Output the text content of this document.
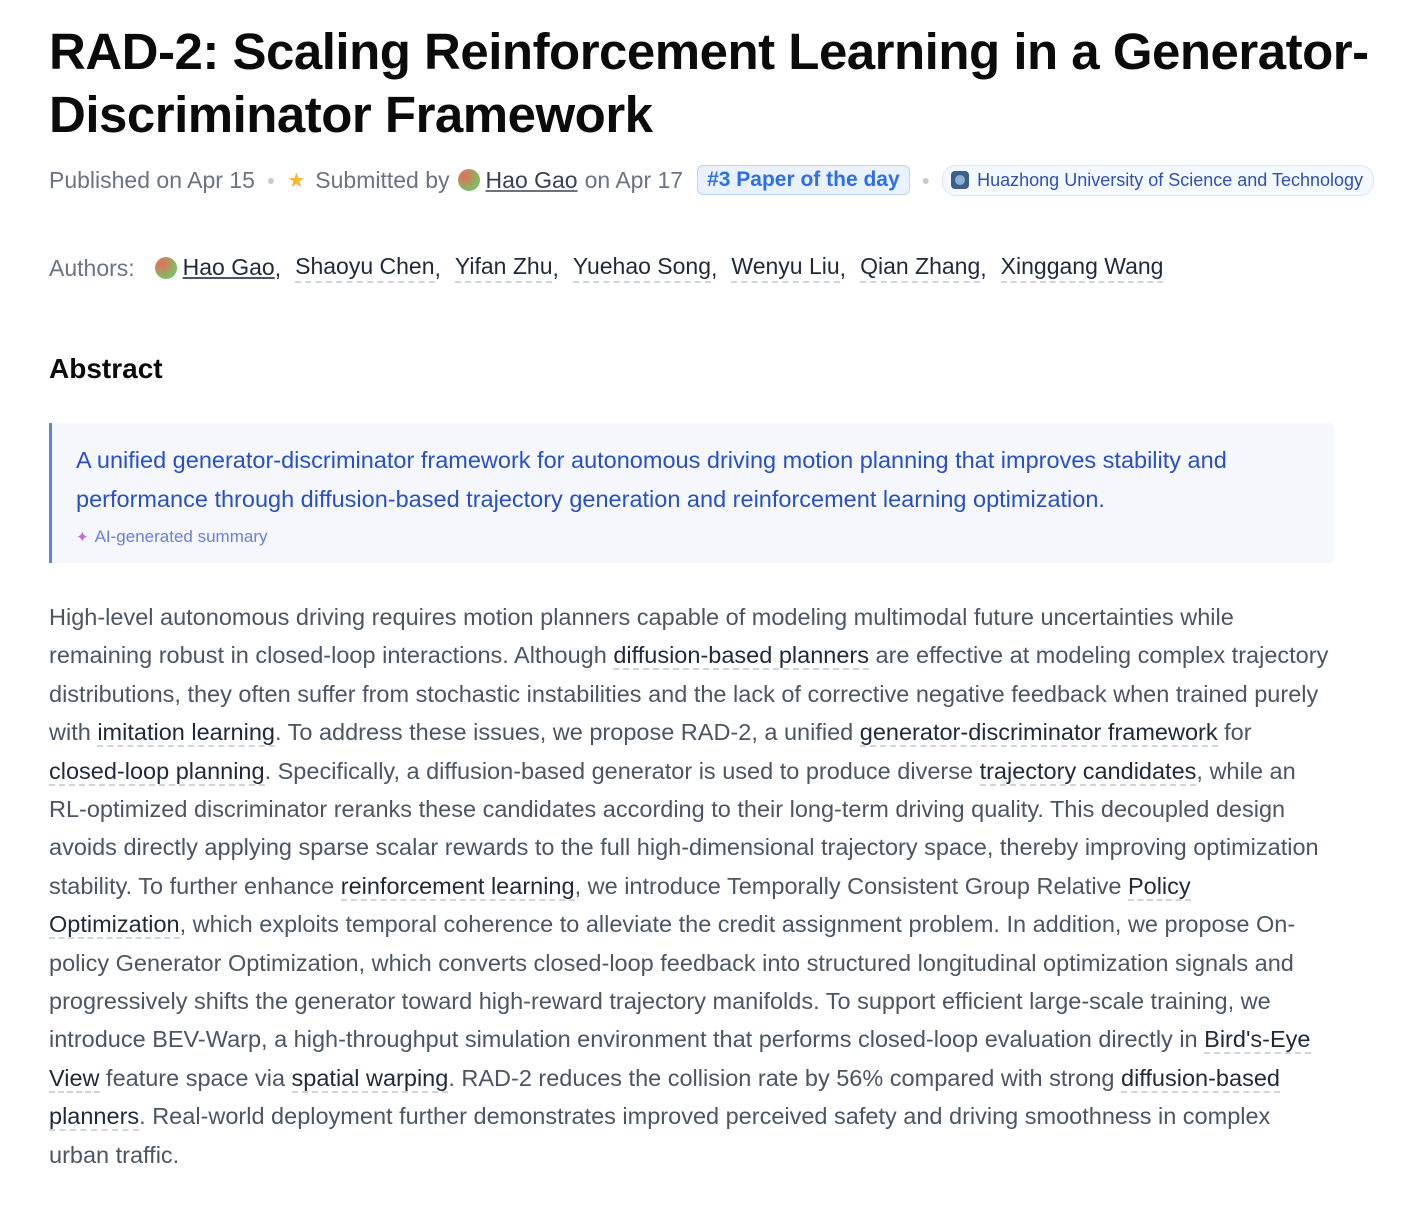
RAD-2: Scaling Reinforcement Learning in a Generator-Discriminator Framework
Published on Apr 15 ● ★ Submitted by Hao Gao on Apr 17	#3 Paper of the day	●	Huazhong University of Science and Technology
Authors: Hao Gao , Shaoyu Chen , Yifan Zhu , Yuehao Song , Wenyu Liu , Qian Zhang , Xinggang Wang
Abstract

A unified generator-discriminator framework for autonomous driving motion planning that improves stability and performance through diffusion-based trajectory generation and reinforcement learning optimization.

✦ AI-generated summary

High-level autonomous driving requires motion planners capable of modeling multimodal future uncertainties while remaining robust in closed-loop interactions. Although diffusion-based planners are effective at modeling complex trajectory distributions, they often suffer from stochastic instabilities and the lack of corrective negative feedback when trained purely with imitation learning. To address these issues, we propose RAD-2, a unified generator-discriminator framework for closed-loop planning. Specifically, a diffusion-based generator is used to produce diverse trajectory candidates, while an RL-optimized discriminator reranks these candidates according to their long-term driving quality. This decoupled design avoids directly applying sparse scalar rewards to the full high-dimensional trajectory space, thereby improving optimization stability. To further enhance reinforcement learning, we introduce Temporally Consistent Group Relative Policy Optimization, which exploits temporal coherence to alleviate the credit assignment problem. In addition, we propose On-policy Generator Optimization, which converts closed-loop feedback into structured longitudinal optimization signals and progressively shifts the generator toward high-reward trajectory manifolds. To support efficient large-scale training, we introduce BEV-Warp, a high-throughput simulation environment that performs closed-loop evaluation directly in Bird's-Eye View feature space via spatial warping. RAD-2 reduces the collision rate by 56% compared with strong diffusion-based planners. Real-world deployment further demonstrates improved perceived safety and driving smoothness in complex urban traffic.
